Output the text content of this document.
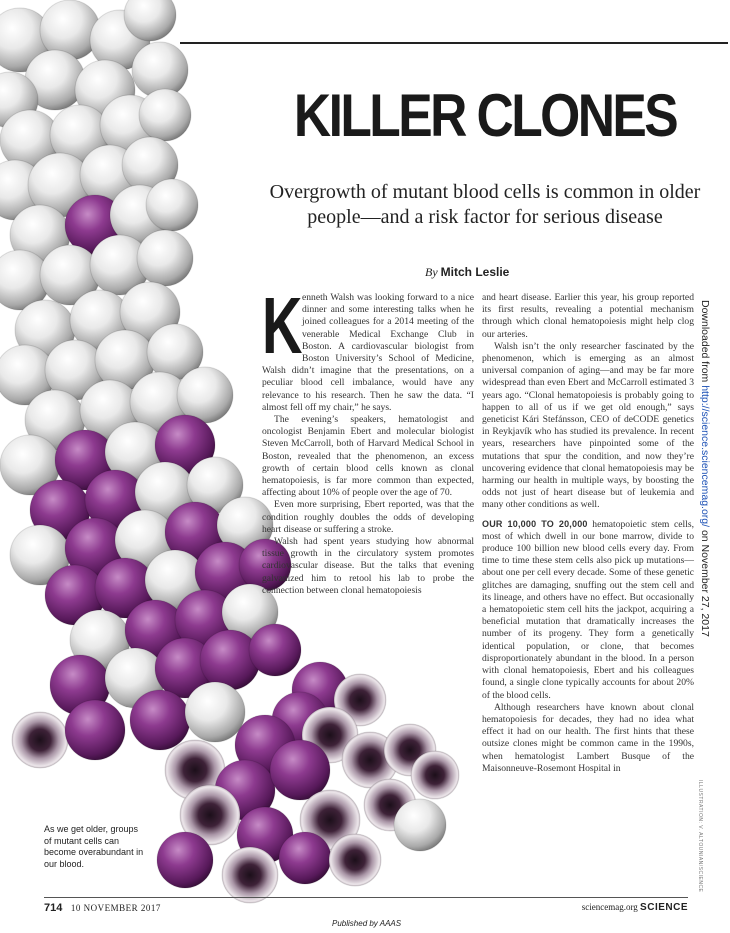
KILLER CLONES
Overgrowth of mutant blood cells is common in older people—and a risk factor for serious disease
By Mitch Leslie

Kenneth Walsh was looking forward to a nice dinner and some interesting talks when he joined colleagues for a 2014 meeting of the venerable Medical Exchange Club in Boston. A cardiovascular biologist from Boston University’s School of Medicine, Walsh didn’t imagine that the presentations, on a peculiar blood cell imbalance, would have any relevance to his research. Then he saw the data. “I almost fell off my chair,” he says.

The evening’s speakers, hematologist and oncologist Benjamin Ebert and molecular biologist Steven McCarroll, both of Harvard Medical School in Boston, revealed that the phenomenon, an excess growth of certain blood cells known as clonal hematopoiesis, is far more common than expected, affecting about 10% of people over the age of 70.

Even more surprising, Ebert reported, was that the condition roughly doubles the odds of developing heart disease or suffering a stroke.

Walsh had spent years studying how abnormal tissue growth in the circulatory system promotes cardiovascular disease. But the talks that evening galvanized him to retool his lab to probe the connection between clonal hematopoiesis

and heart disease. Earlier this year, his group reported its first results, revealing a potential mechanism through which clonal hematopoiesis might help clog our arteries.

Walsh isn’t the only researcher fascinated by the phenomenon, which is emerging as an almost universal companion of aging—and may be far more widespread than even Ebert and McCarroll estimated 3 years ago. “Clonal hematopoiesis is probably going to happen to all of us if we get old enough,” says geneticist Kári Stefánsson, CEO of deCODE genetics in Reykjavík who has studied its prevalence. In recent years, researchers have pinpointed some of the mutations that spur the condition, and now they’re uncovering evidence that clonal hematopoiesis may be harming our health in multiple ways, by boosting the odds not just of heart disease but of leukemia and many other conditions as well.

OUR 10,000 TO 20,000 hematopoietic stem cells, most of which dwell in our bone marrow, divide to produce 100 billion new blood cells every day. From time to time these stem cells also pick up mutations—about one per cell every decade. Some of these genetic glitches are damaging, snuffing out the stem cell and its lineage, and others have no effect. But occasionally a hematopoietic stem cell hits the jackpot, acquiring a beneficial mutation that dramatically increases the number of its progeny. They form a genetically identical population, or clone, that becomes disproportionately abundant in the blood. In a person with clonal hematopoiesis, Ebert and his colleagues found, a single clone typically accounts for about 20% of the blood cells.

Although researchers have known about clonal hematopoiesis for decades, they had no idea what effect it had on our health. The first hints that these outsize clones might be common came in the 1990s, when hematologist Lambert Busque of the Maisonneuve-Rosemont Hospital in

As we get older, groups of mutant cells can become overabundant in our blood.
Downloaded from http://science.sciencemag.org/ on November 27, 2017
ILLUSTRATION: V. ALTOUNIAN/SCIENCE
714 10 NOVEMBER 2017	sciencemag.org SCIENCE
Published by AAAS
